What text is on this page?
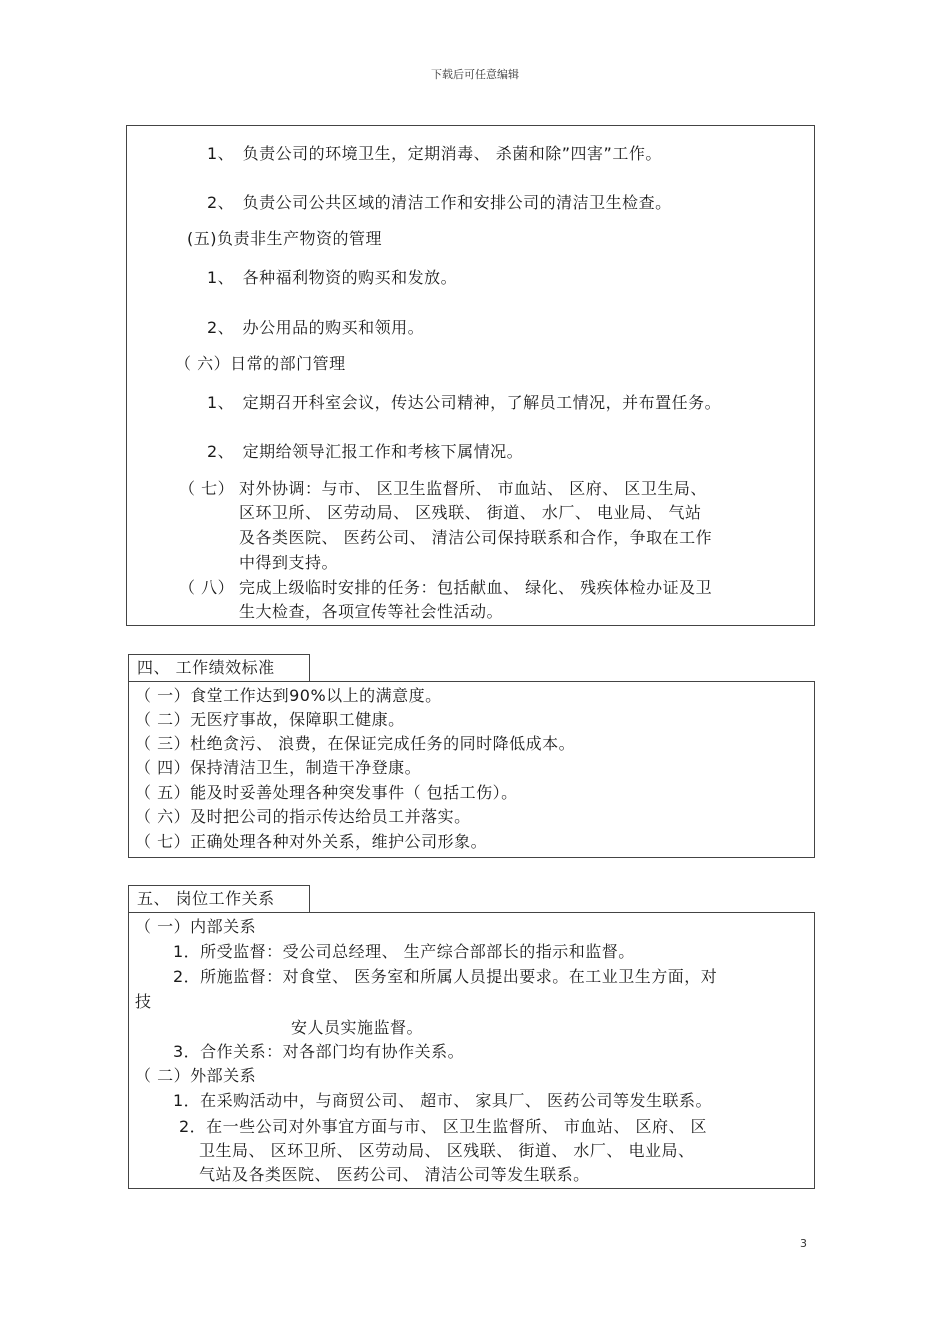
下载后可任意编辑
1、　负责公司的环境卫生，定期消毒、 杀菌和除”四害”工作。
2、　负责公司公共区域的清洁工作和安排公司的清洁卫生检查。
(五)负责非生产物资的管理
1、　各种福利物资的购买和发放。
2、　办公用品的购买和领用。
（ 六）日常的部门管理
1、　定期召开科室会议，传达公司精神，了解员工情况，并布置任务。
2、　定期给领导汇报工作和考核下属情况。
（ 七） 对外协调：与市、 区卫生监督所、 市血站、 区府、 区卫生局、
区环卫所、 区劳动局、 区残联、 街道、 水厂、 电业局、 气站
及各类医院、 医药公司、 清洁公司保持联系和合作，争取在工作
中得到支持。
（ 八） 完成上级临时安排的任务：包括献血、 绿化、 残疾体检办证及卫
生大检查，各项宣传等社会性活动。
四、 工作绩效标准
（ 一）食堂工作达到90%以上的满意度。
（ 二）无医疗事故，保障职工健康。
（ 三）杜绝贪污、 浪费，在保证完成任务的同时降低成本。
（ 四）保持清洁卫生，制造干净登康。
（ 五）能及时妥善处理各种突发事件（ 包括工伤）。
（ 六）及时把公司的指示传达给员工并落实。
（ 七）正确处理各种对外关系，维护公司形象。
五、 岗位工作关系
（ 一）内部关系
1．所受监督：受公司总经理、 生产综合部部长的指示和监督。
2．所施监督：对食堂、 医务室和所属人员提出要求。在工业卫生方面，对
技
安人员实施监督。
3．合作关系：对各部门均有协作关系。
（ 二）外部关系
1．在采购活动中，与商贸公司、 超市、 家具厂、 医药公司等发生联系。
2．在一些公司对外事宜方面与市、 区卫生监督所、 市血站、 区府、 区
卫生局、 区环卫所、 区劳动局、 区残联、 街道、 水厂、 电业局、
气站及各类医院、 医药公司、 清洁公司等发生联系。
3
